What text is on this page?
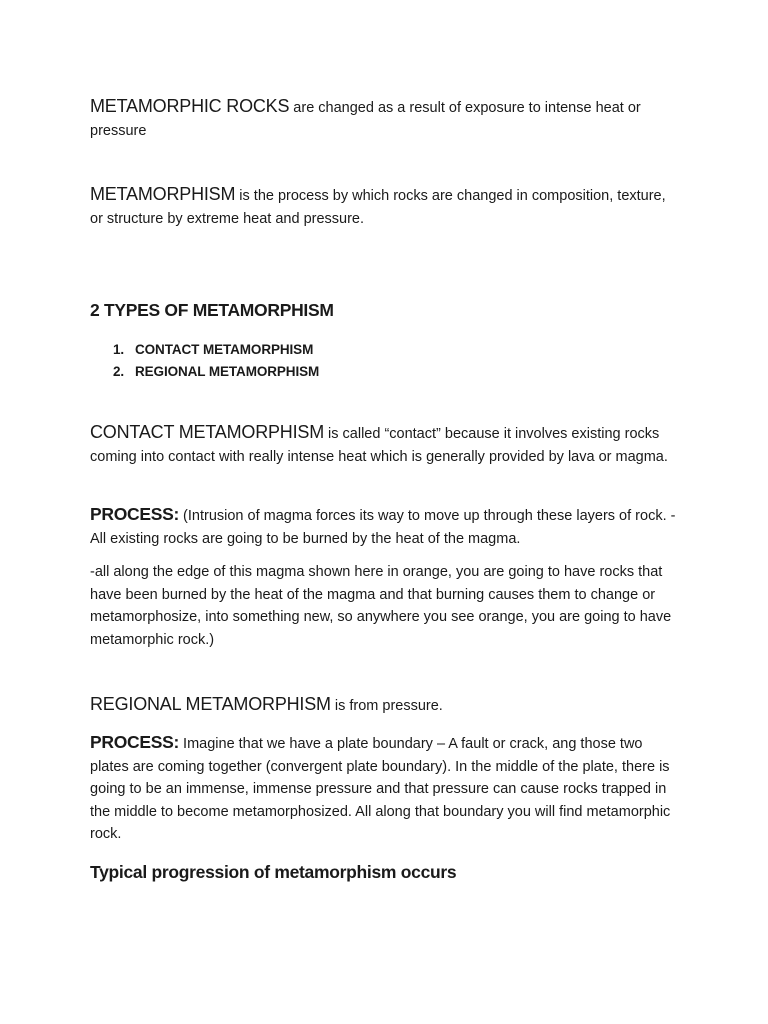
METAMORPHIC ROCKS are changed as a result of exposure to intense heat or pressure

METAMORPHISM is the process by which rocks are changed in composition, texture, or structure by extreme heat and pressure.

2 TYPES OF METAMORPHISM
1. CONTACT METAMORPHISM
2. REGIONAL METAMORPHISM

CONTACT METAMORPHISM is called “contact” because it involves existing rocks coming into contact with really intense heat which is generally provided by lava or magma.

PROCESS: (Intrusion of magma forces its way to move up through these layers of rock. -All existing rocks are going to be burned by the heat of the magma.

-all along the edge of this magma shown here in orange, you are going to have rocks that have been burned by the heat of the magma and that burning causes them to change or metamorphosize, into something new, so anywhere you see orange, you are going to have metamorphic rock.)

REGIONAL METAMORPHISM is from pressure.

PROCESS: Imagine that we have a plate boundary – A fault or crack, ang those two plates are coming together (convergent plate boundary). In the middle of the plate, there is going to be an immense, immense pressure and that pressure can cause rocks trapped in the middle to become metamorphosized. All along that boundary you will find metamorphic rock.

Typical progression of metamorphism occurs
